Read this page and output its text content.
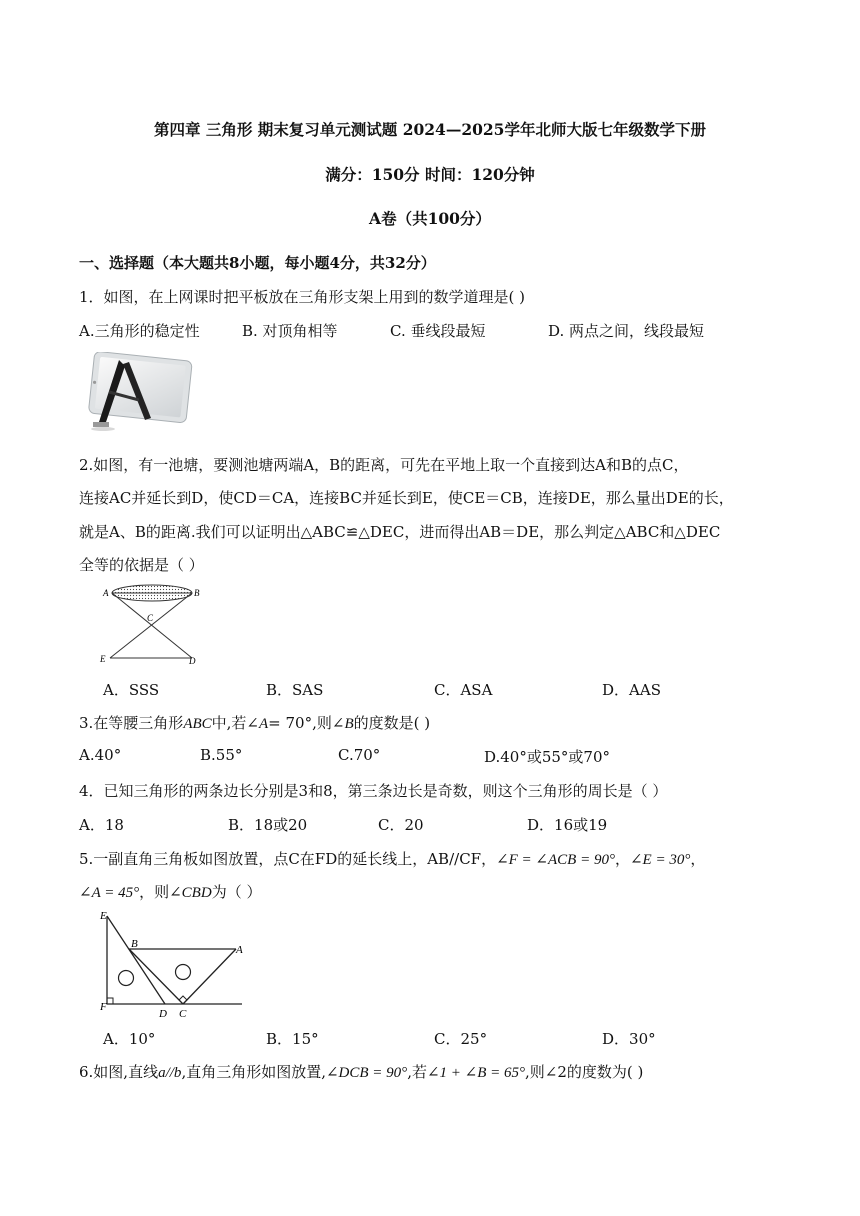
第四章 三角形 期末复习单元测试题 2024—2025学年北师大版七年级数学下册
满分：150分 时间：120分钟
A卷（共100分）
一、选择题（本大题共8小题，每小题4分，共32分）
1．如图，在上网课时把平板放在三角形支架上用到的数学道理是( )
A.三角形的稳定性	B. 对顶角相等	C. 垂线段最短	D. 两点之间，线段最短
2.如图，有一池塘，要测池塘两端A，B的距离，可先在平地上取一个直接到达A和B的点C，
连接AC并延长到D，使CD＝CA，连接BC并延长到E，使CE＝CB，连接DE，那么量出DE的长，
就是A、B的距离.我们可以证明出△ABC≌△DEC，进而得出AB＝DE，那么判定△ABC和△DEC
全等的依据是（ ）
A	B
C
E	D
A．SSS	B．SAS	C．ASA	D．AAS
3.在等腰三角形ABC中,若∠A= 70°,则∠B的度数是( )
A.40°	B.55°	C.70°	D.40°或55°或70°
4．已知三角形的两条边长分别是3和8，第三条边长是奇数，则这个三角形的周长是（ ）
A．18	B．18或20	C．20	D．16或19
5.一副直角三角板如图放置，点C在FD的延长线上，AB//CF，∠F = ∠ACB = 90°，∠E = 30°，
∠A = 45°，则∠CBD为（ ）
E
B	A
F
D C
A．10°	B．15°	C．25°	D．30°
6.如图,直线a//b,直角三角形如图放置,∠DCB = 90°,若∠1 + ∠B = 65°,则∠2的度数为( )
